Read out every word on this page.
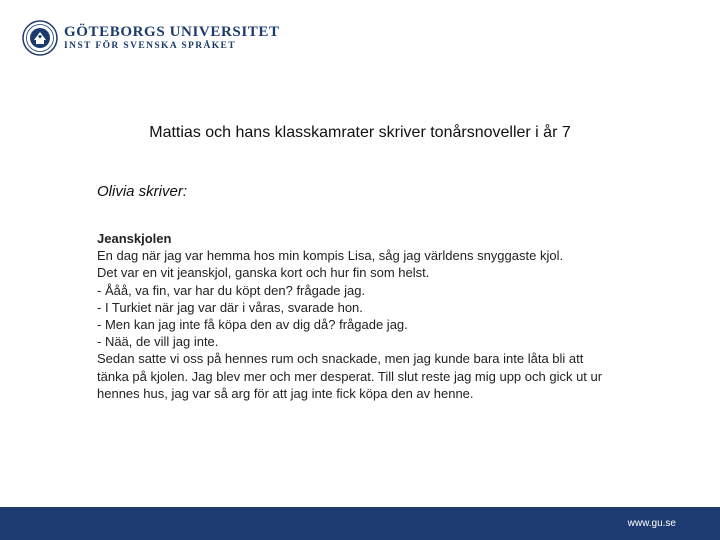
GÖTEBORGS UNIVERSITET
INST FÖR SVENSKA SPRÅKET
Mattias och hans klasskamrater skriver tonårsnoveller i år 7
Olivia skriver:
Jeanskjolen

En dag när jag var hemma hos min kompis Lisa, såg jag världens snyggaste kjol.

Det var en vit jeanskjol, ganska kort och hur fin som helst.

- Ååå, va fin, var har du köpt den? frågade jag.

- I Turkiet när jag var där i våras, svarade hon.

- Men kan jag inte få köpa den av dig då? frågade jag.

- Nää, de vill jag inte.

Sedan satte vi oss på hennes rum och snackade, men jag kunde bara inte låta bli att tänka på kjolen. Jag blev mer och mer desperat. Till slut reste jag mig upp och gick ut ur hennes hus, jag var så arg för att jag inte fick köpa den av henne.

www.gu.se
